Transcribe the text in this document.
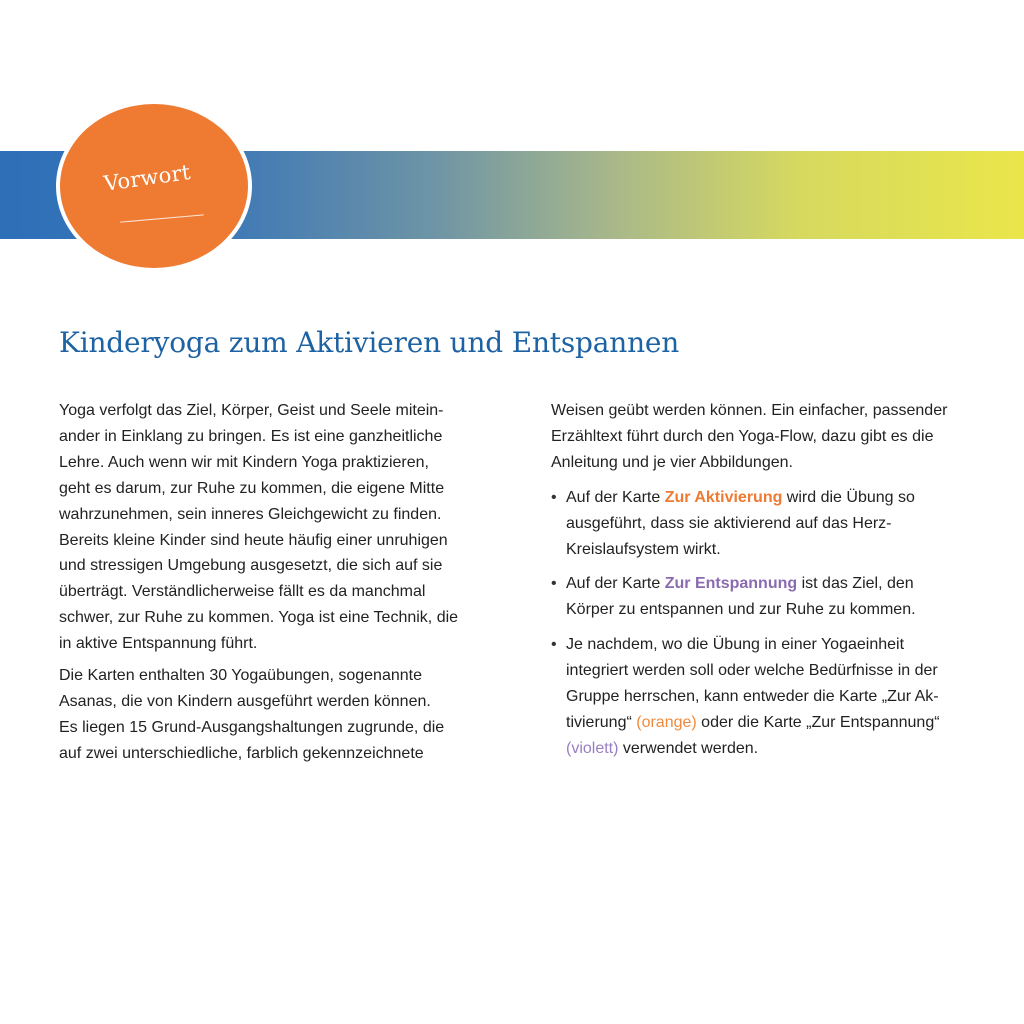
Vorwort
Kinderyoga zum Aktivieren und Entspannen

Yoga verfolgt das Ziel, Körper, Geist und Seele mitein-
ander in Einklang zu bringen. Es ist eine ganzheitliche
Lehre. Auch wenn wir mit Kindern Yoga praktizieren,
geht es darum, zur Ruhe zu kommen, die eigene Mitte
wahrzunehmen, sein inneres Gleichgewicht zu finden.
Bereits kleine Kinder sind heute häufig einer unruhigen
und stressigen Umgebung ausgesetzt, die sich auf sie
überträgt. Verständlicherweise fällt es da manchmal
schwer, zur Ruhe zu kommen. Yoga ist eine Technik, die
in aktive Entspannung führt.

Die Karten enthalten 30 Yogaübungen, sogenannte
Asanas, die von Kindern ausgeführt werden können.
Es liegen 15 Grund-Ausgangshaltungen zugrunde, die
auf zwei unterschiedliche, farblich gekennzeichnete

Weisen geübt werden können. Ein einfacher, passender
Erzähltext führt durch den Yoga-Flow, dazu gibt es die
Anleitung und je vier Abbildungen.

• Auf der Karte Zur Aktivierung wird die Übung so
ausgeführt, dass sie aktivierend auf das Herz-
Kreislaufsystem wirkt.
• Auf der Karte Zur Entspannung ist das Ziel, den
Körper zu entspannen und zur Ruhe zu kommen.
• Je nachdem, wo die Übung in einer Yogaeinheit
integriert werden soll oder welche Bedürfnisse in der
Gruppe herrschen, kann entweder die Karte „Zur Ak-
tivierung“ (orange) oder die Karte „Zur Entspannung“
(violett) verwendet werden.
